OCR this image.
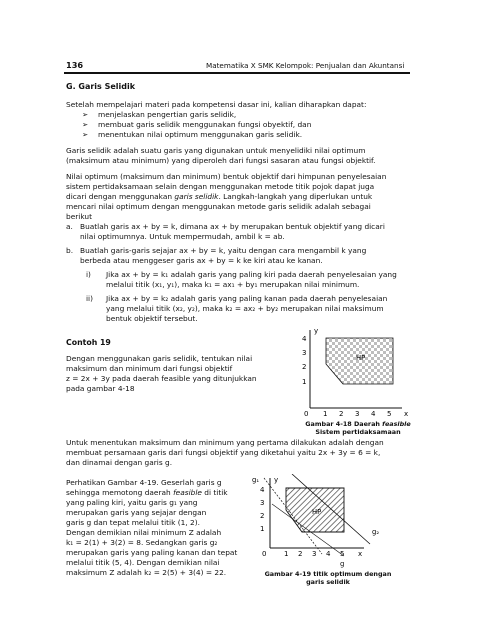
136	Matematika X SMK Kelompok: Penjualan dan Akuntansi
G. Garis Selidik
Setelah mempelajari materi pada kompetensi dasar ini, kalian diharapkan dapat:
➢ menjelaskan pengertian garis selidik,
➢ membuat garis selidik menggunakan fungsi obyektif, dan
➢ menentukan nilai optimum menggunakan garis selidik.
Garis selidik adalah suatu garis yang digunakan untuk menyelidiki nilai optimum
(maksimum atau minimum) yang diperoleh dari fungsi sasaran atau fungsi objektif.
Nilai optimum (maksimum dan minimum) bentuk objektif dari himpunan penyelesaian
sistem pertidaksamaan selain dengan menggunakan metode titik pojok dapat juga
dicari dengan menggunakan garis selidik. Langkah-langkah yang diperlukan untuk
mencari nilai optimum dengan menggunakan metode garis selidik adalah sebagai
berikut
a. Buatlah garis ax + by = k, dimana ax + by merupakan bentuk objektif yang dicari
nilai optimumnya. Untuk mempermudah, ambil k = ab.
b. Buatlah garis-garis sejajar ax + by = k, yaitu dengan cara mengambil k yang
berbeda atau menggeser garis ax + by = k ke kiri atau ke kanan.
i) Jika ax + by = k₁ adalah garis yang paling kiri pada daerah penyelesaian yang
melalui titik (x₁, y₁), maka k₁ = ax₁ + by₁ merupakan nilai minimum.
ii) Jika ax + by = k₂ adalah garis yang paling kanan pada daerah penyelesaian
yang melalui titik (x₂, y₂), maka k₂ = ax₂ + by₂ merupakan nilai maksimum
bentuk objektif tersebut.
Contoh 19
Dengan menggunakan garis selidik, tentukan nilai
maksimum dan minimum dari fungsi objektif
z = 2x + 3y pada daerah feasible yang ditunjukkan
pada gambar 4-18
y
4
3
2
1
0 1 2 3 4 5 x
HP
Gambar 4-18 Daerah feasible
Sistem pertidaksamaan
Untuk menentukan maksimum dan minimum yang pertama dilakukan adalah dengan
membuat persamaan garis dari fungsi objektif yang diketahui yaitu 2x + 3y = 6 = k,
dan dinamai dengan garis g.
Perhatikan Gambar 4-19. Geserlah garis g
sehingga memotong daerah feasible di titik
yang paling kiri, yaitu garis g₁ yang
merupakan garis yang sejajar dengan
garis g dan tepat melalui titik (1, 2).
Dengan demikian nilai minimum Z adalah
k₁ = 2(1) + 3(2) = 8. Sedangkan garis g₂
merupakan garis yang paling kanan dan tepat
melalui titik (5, 4). Dengan demikian nilai
maksimum Z adalah k₂ = 2(5) + 3(4) = 22.
y
4
3
2
1
0	1 2 3 4 5 x
HP
g₁
g₂
g
Gambar 4-19 titik optimum dengan
garis selidik
